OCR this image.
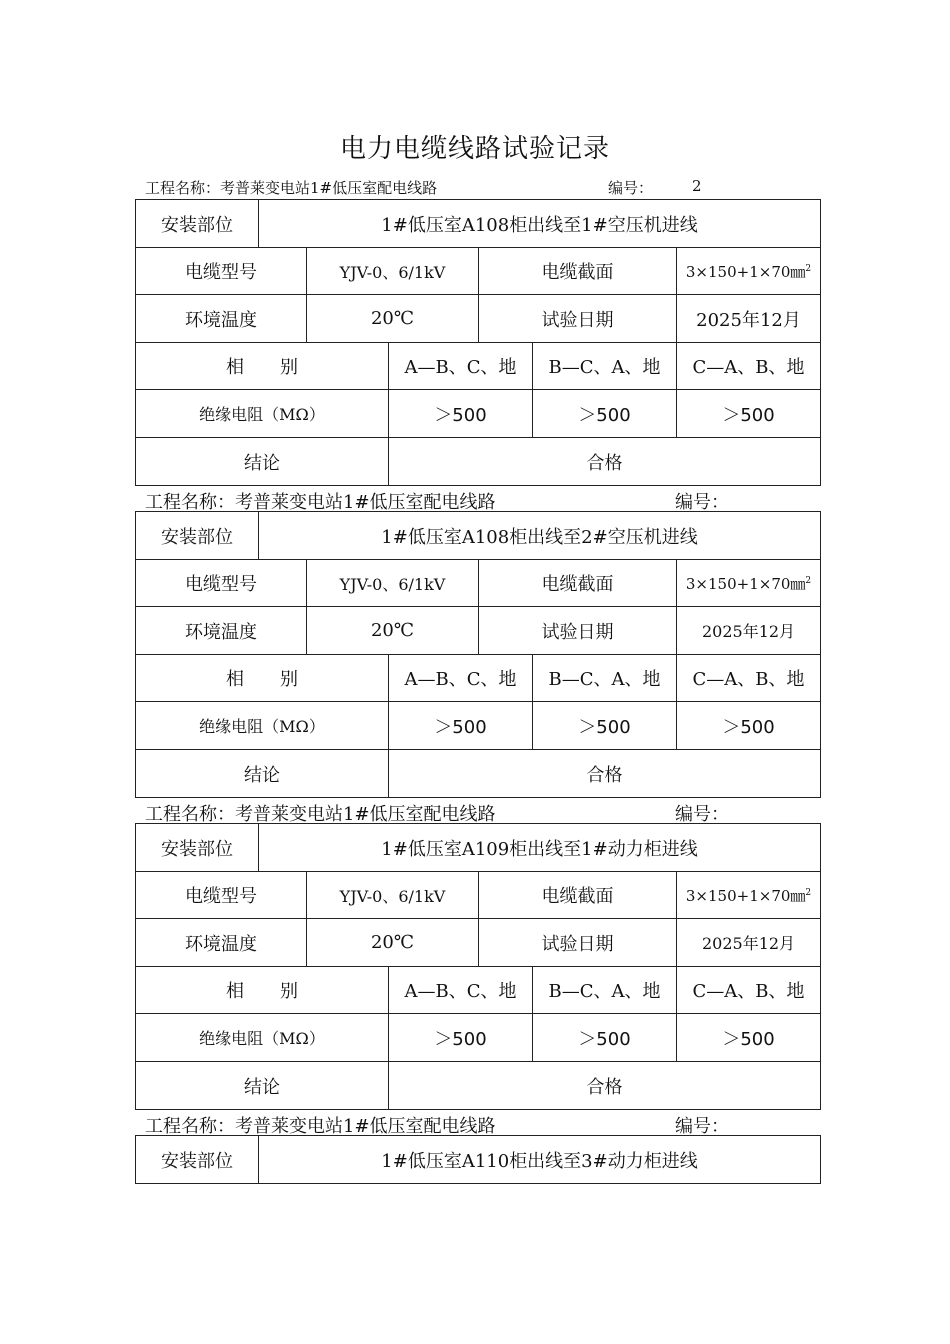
电力电缆线路试验记录
工程名称：考普莱变电站1#低压室配电线路	编号：	2
安装部位	1#低压室A108柜出线至1#空压机进线					
电缆型号		YJV-0、6/1kV		电缆截面		3×150+1×70㎜$^2$
环境温度		20℃		试验日期		2025年12月
相　　别			A—B、C、地		B—C、A、地	C—A、B、地
绝缘电阻（MΩ）			＞500		＞500	＞500
结论			合格			
工程名称：考普莱变电站1#低压室配电线路	编号：
安装部位	1#低压室A108柜出线至2#空压机进线					
电缆型号		YJV-0、6/1kV		电缆截面		3×150+1×70㎜$^2$
环境温度		20℃		试验日期		2025年12月
相　　别			A—B、C、地		B—C、A、地	C—A、B、地
绝缘电阻（MΩ）			＞500		＞500	＞500
结论			合格			
工程名称：考普莱变电站1#低压室配电线路	编号：
安装部位	1#低压室A109柜出线至1#动力柜进线					
电缆型号		YJV-0、6/1kV		电缆截面		3×150+1×70㎜$^2$
环境温度		20℃		试验日期		2025年12月
相　　别			A—B、C、地		B—C、A、地	C—A、B、地
绝缘电阻（MΩ）			＞500		＞500	＞500
结论			合格			
工程名称：考普莱变电站1#低压室配电线路	编号：
安装部位	1#低压室A110柜出线至3#动力柜进线
